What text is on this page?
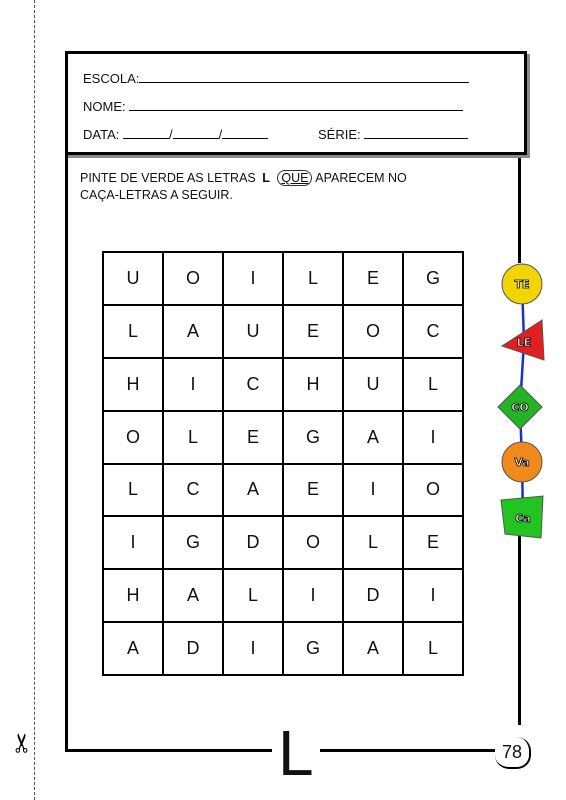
✂
ESCOLA:
NOME:
DATA:	/	/	SÉRIE:
PINTE DE VERDE AS LETRAS L QUE APARECEM NO
CAÇA-LETRAS A SEGUIR.
U	O	I	L	E	G
L	A	U	E	O	C
H	I	C	H	U	L
O	L	E	G	A	I
L	C	A	E	I	O
I	G	D	O	L	E
H	A	L	I	D	I
A	D	I	G	A	L
TE
LE
CO
Va
Ca
L	78
